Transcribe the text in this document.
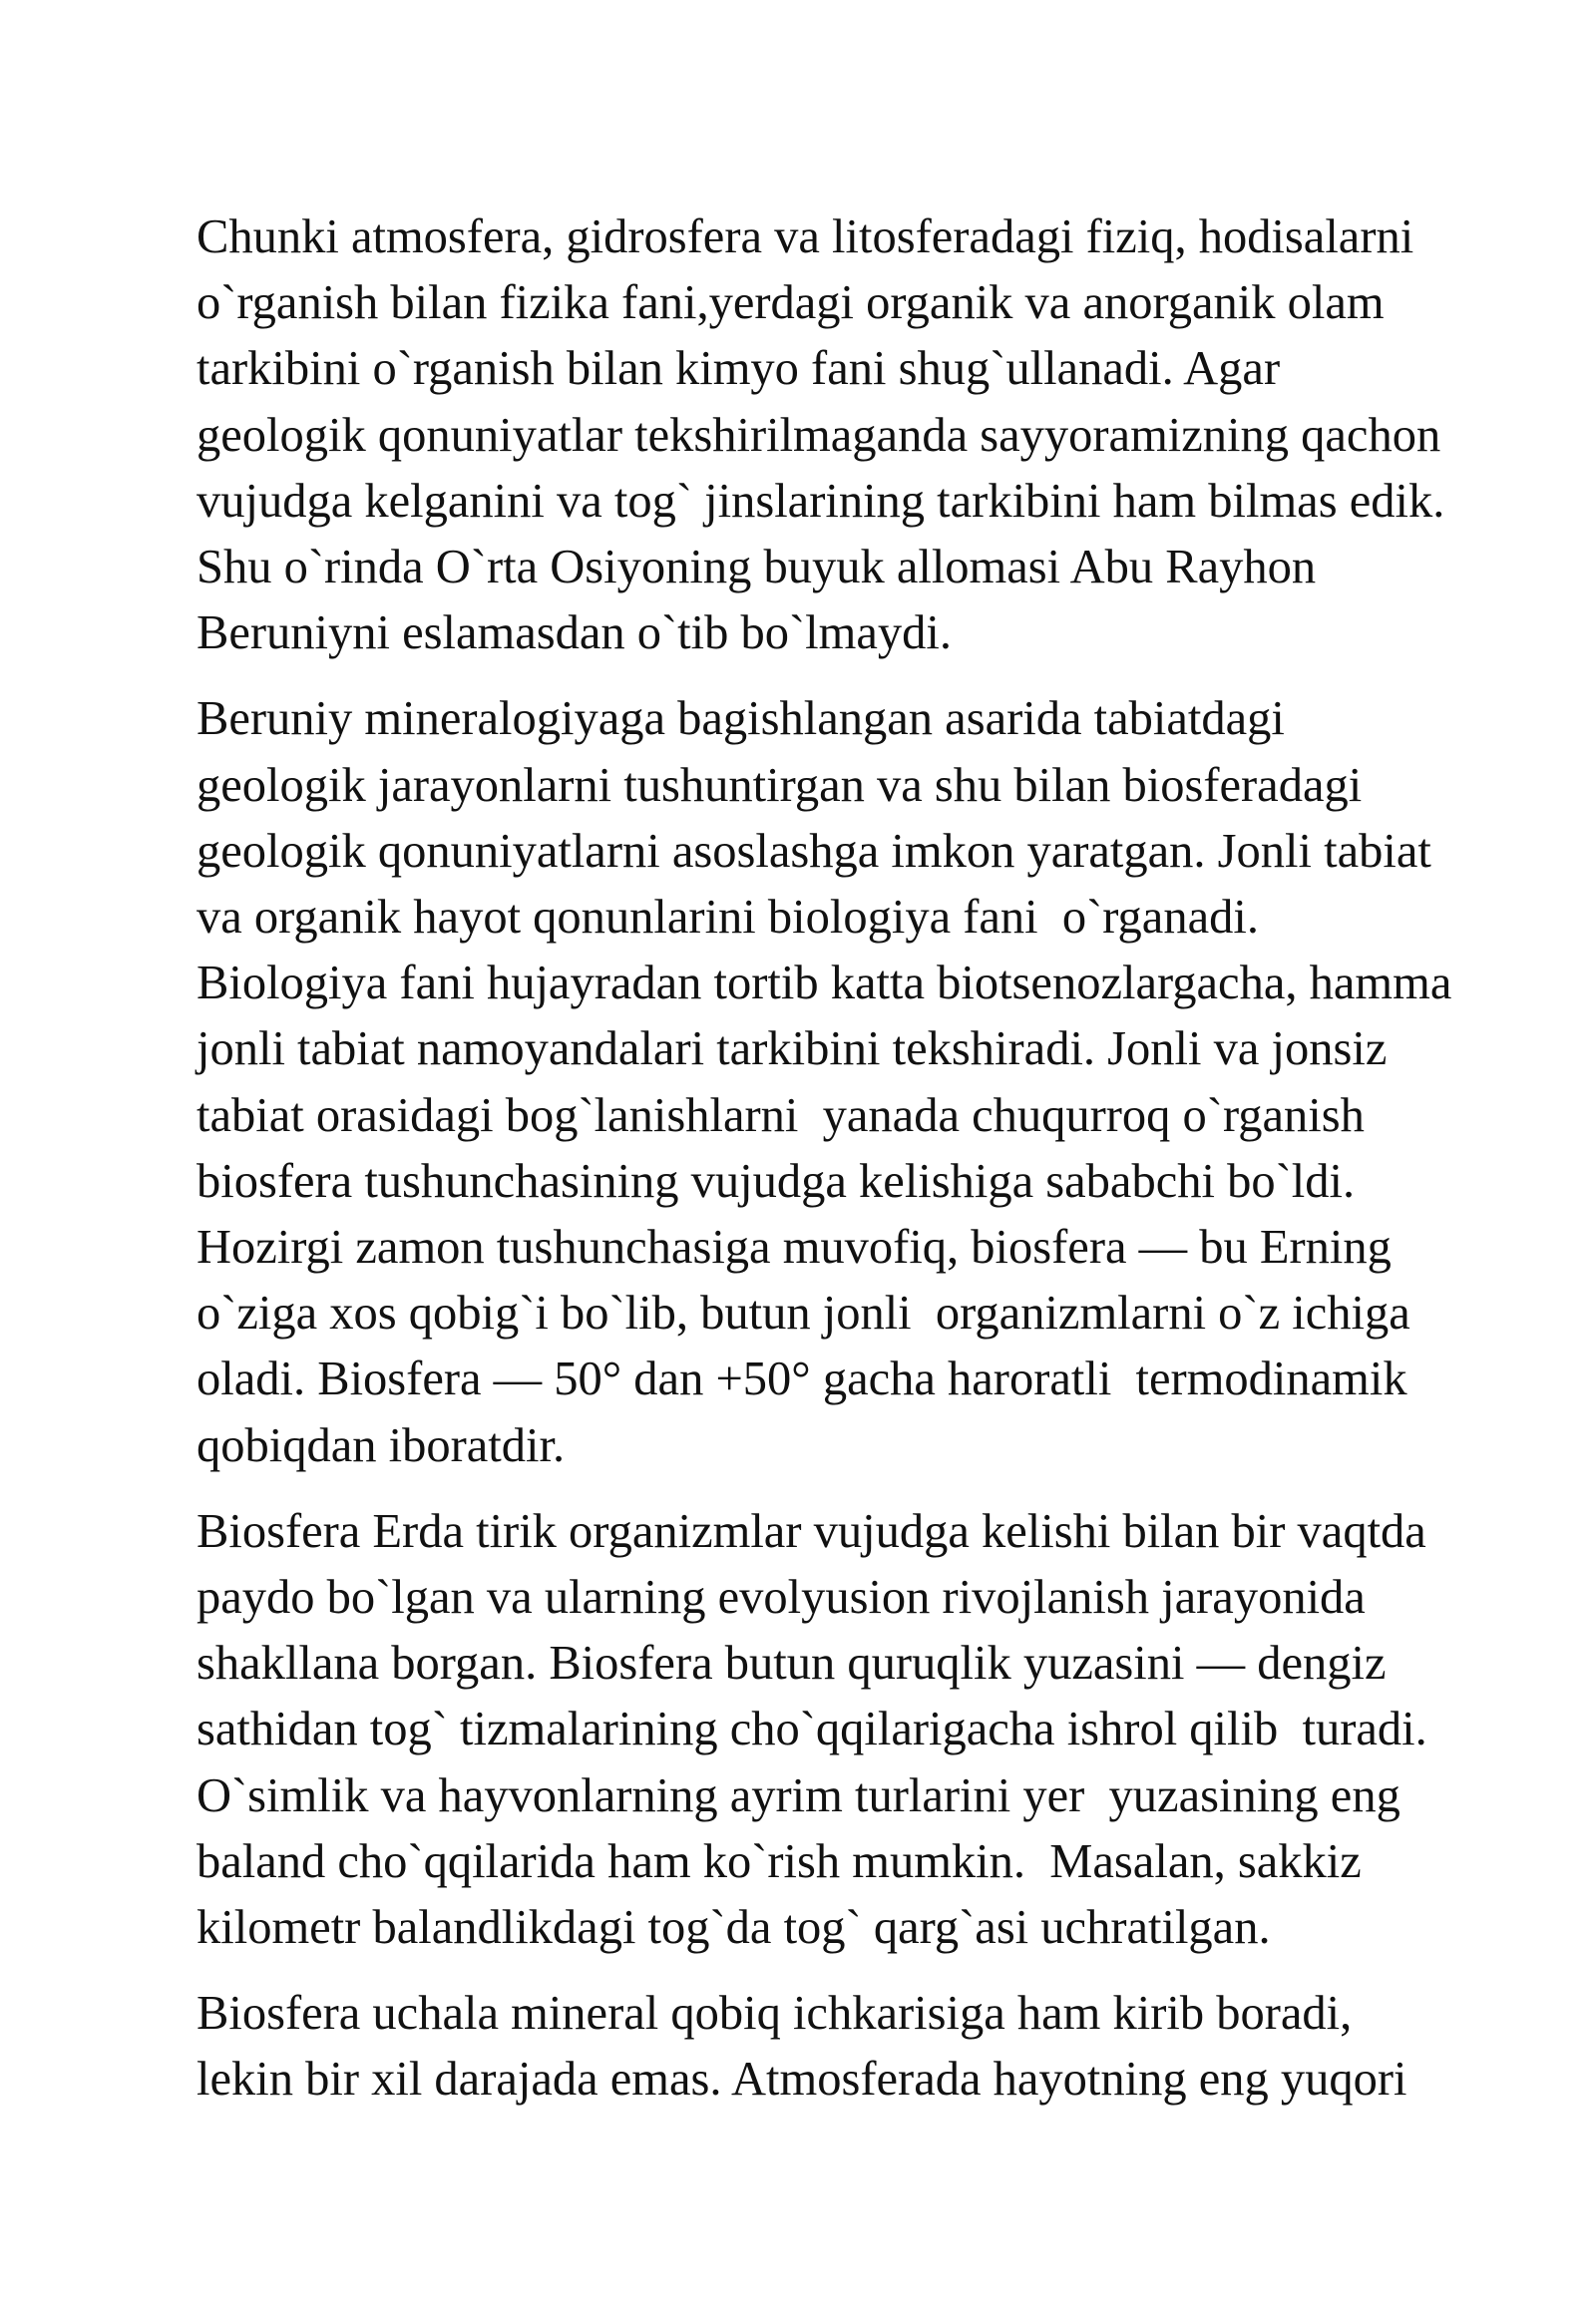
Chunki atmosfera, gidrosfera va litosferadagi fiziq, hodisalarni
o`rganish bilan fizika fani,yerdagi organik va anorganik olam
tarkibini o`rganish bilan kimyo fani shug`ullanadi. Agar
geologik qonuniyatlar tekshirilmaganda sayyoramizning qachon
vujudga kelganini va tog` jinslarining tarkibini ham bilmas edik.
Shu o`rinda O`rta Osiyoning buyuk allomasi Abu Rayhon
Beruniyni eslamasdan o`tib bo`lmaydi.

Beruniy mineralogiyaga bagishlangan asarida tabiatdagi
geologik jarayonlarni tushuntirgan va shu bilan biosferadagi
geologik qonuniyatlarni asoslashga imkon yaratgan. Jonli tabiat
va organik hayot qonunlarini biologiya fani  o`rganadi.
Biologiya fani hujayradan tortib katta biotsenozlargacha, hamma
jonli tabiat namoyandalari tarkibini tekshiradi. Jonli va jonsiz
tabiat orasidagi bog`lanishlarni  yanada chuqurroq o`rganish
biosfera tushunchasining vujudga kelishiga sababchi bo`ldi.
Hozirgi zamon tushunchasiga muvofiq, biosfera — bu Erning
o`ziga xos qobig`i bo`lib, butun jonli  organizmlarni o`z ichiga
oladi. Biosfera — 50° dan +50° gacha haroratli  termodinamik
qobiqdan iboratdir.

Biosfera Erda tirik organizmlar vujudga kelishi bilan bir vaqtda
paydo bo`lgan va ularning evolyusion rivojlanish jarayonida
shakllana borgan. Biosfera butun quruqlik yuzasini — dengiz
sathidan tog` tizmalarining cho`qqilarigacha ishrol qilib  turadi.
O`simlik va hayvonlarning ayrim turlarini yer  yuzasining eng
baland cho`qqilarida ham ko`rish mumkin.  Masalan, sakkiz
kilometr balandlikdagi tog`da tog` qarg`asi uchratilgan.

Biosfera uchala mineral qobiq ichkarisiga ham kirib boradi,
lekin bir xil darajada emas. Atmosferada hayotning eng yuqori
